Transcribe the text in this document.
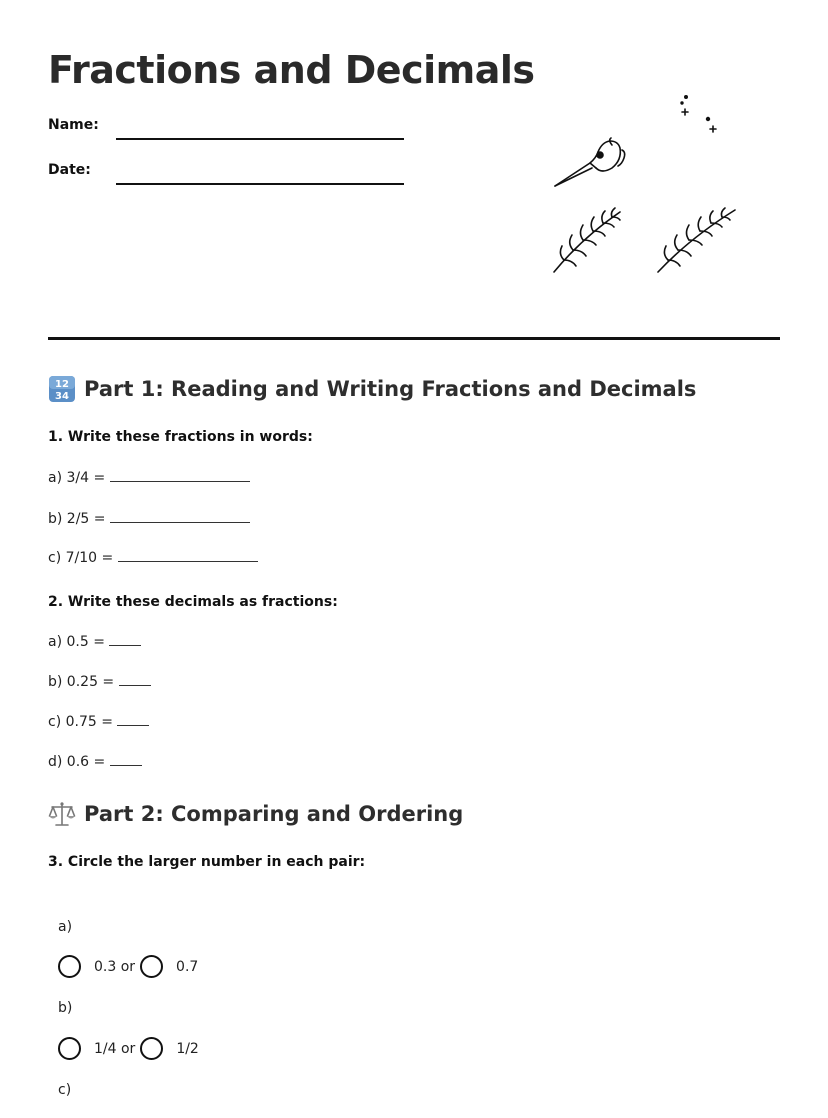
Fractions and Decimals
Name:
Date:
12
34 Part 1: Reading and Writing Fractions and Decimals
1. Write these fractions in words:
a) 3/4 =
b) 2/5 =
c) 7/10 =
2. Write these decimals as fractions:
a) 0.5 =
b) 0.25 =
c) 0.75 =
d) 0.6 =
Part 2: Comparing and Ordering
3. Circle the larger number in each pair:
a)
0.3 or	0.7
b)
1/4 or	1/2
c)
